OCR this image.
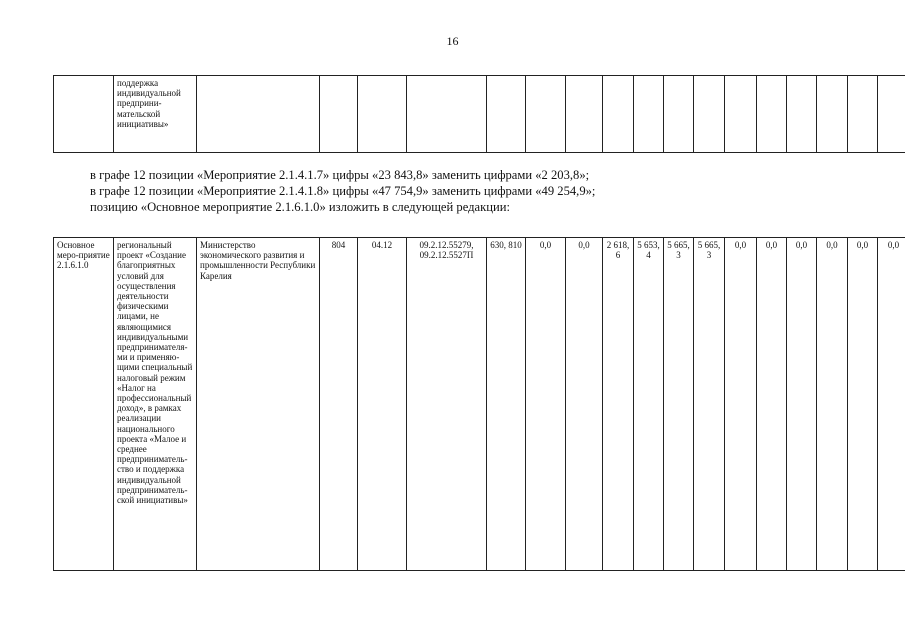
16
	поддержка индивидуальной предприни-мательской инициативы»																	

в графе 12 позиции «Мероприятие 2.1.4.1.7» цифры «23 843,8» заменить цифрами «2 203,8»;

в графе 12 позиции «Мероприятие 2.1.4.1.8» цифры «47 754,9» заменить цифрами «49 254,9»;

позицию «Основное мероприятие 2.1.6.1.0» изложить в следующей редакции:

Основное меро-приятие 2.1.6.1.0	региональный проект «Создание благоприятных условий для осуществления деятельности физическими лицами, не являющимися индивидуальными предпринимателя-ми и применяю-щими специальный налоговый режим «Налог на профессиональный доход», в рамках реализации национального проекта «Малое и среднее предприниматель-ство и поддержка индивидуальной предприниматель-ской инициативы»	Министерство экономического развития и промышленности Республики Карелия	804	04.12	09.2.12.55279, 09.2.12.5527П	630, 810	0,0	0,0	2 618, 6	5 653, 4	5 665, 3	5 665, 3	0,0	0,0	0,0	0,0	0,0	0,0
